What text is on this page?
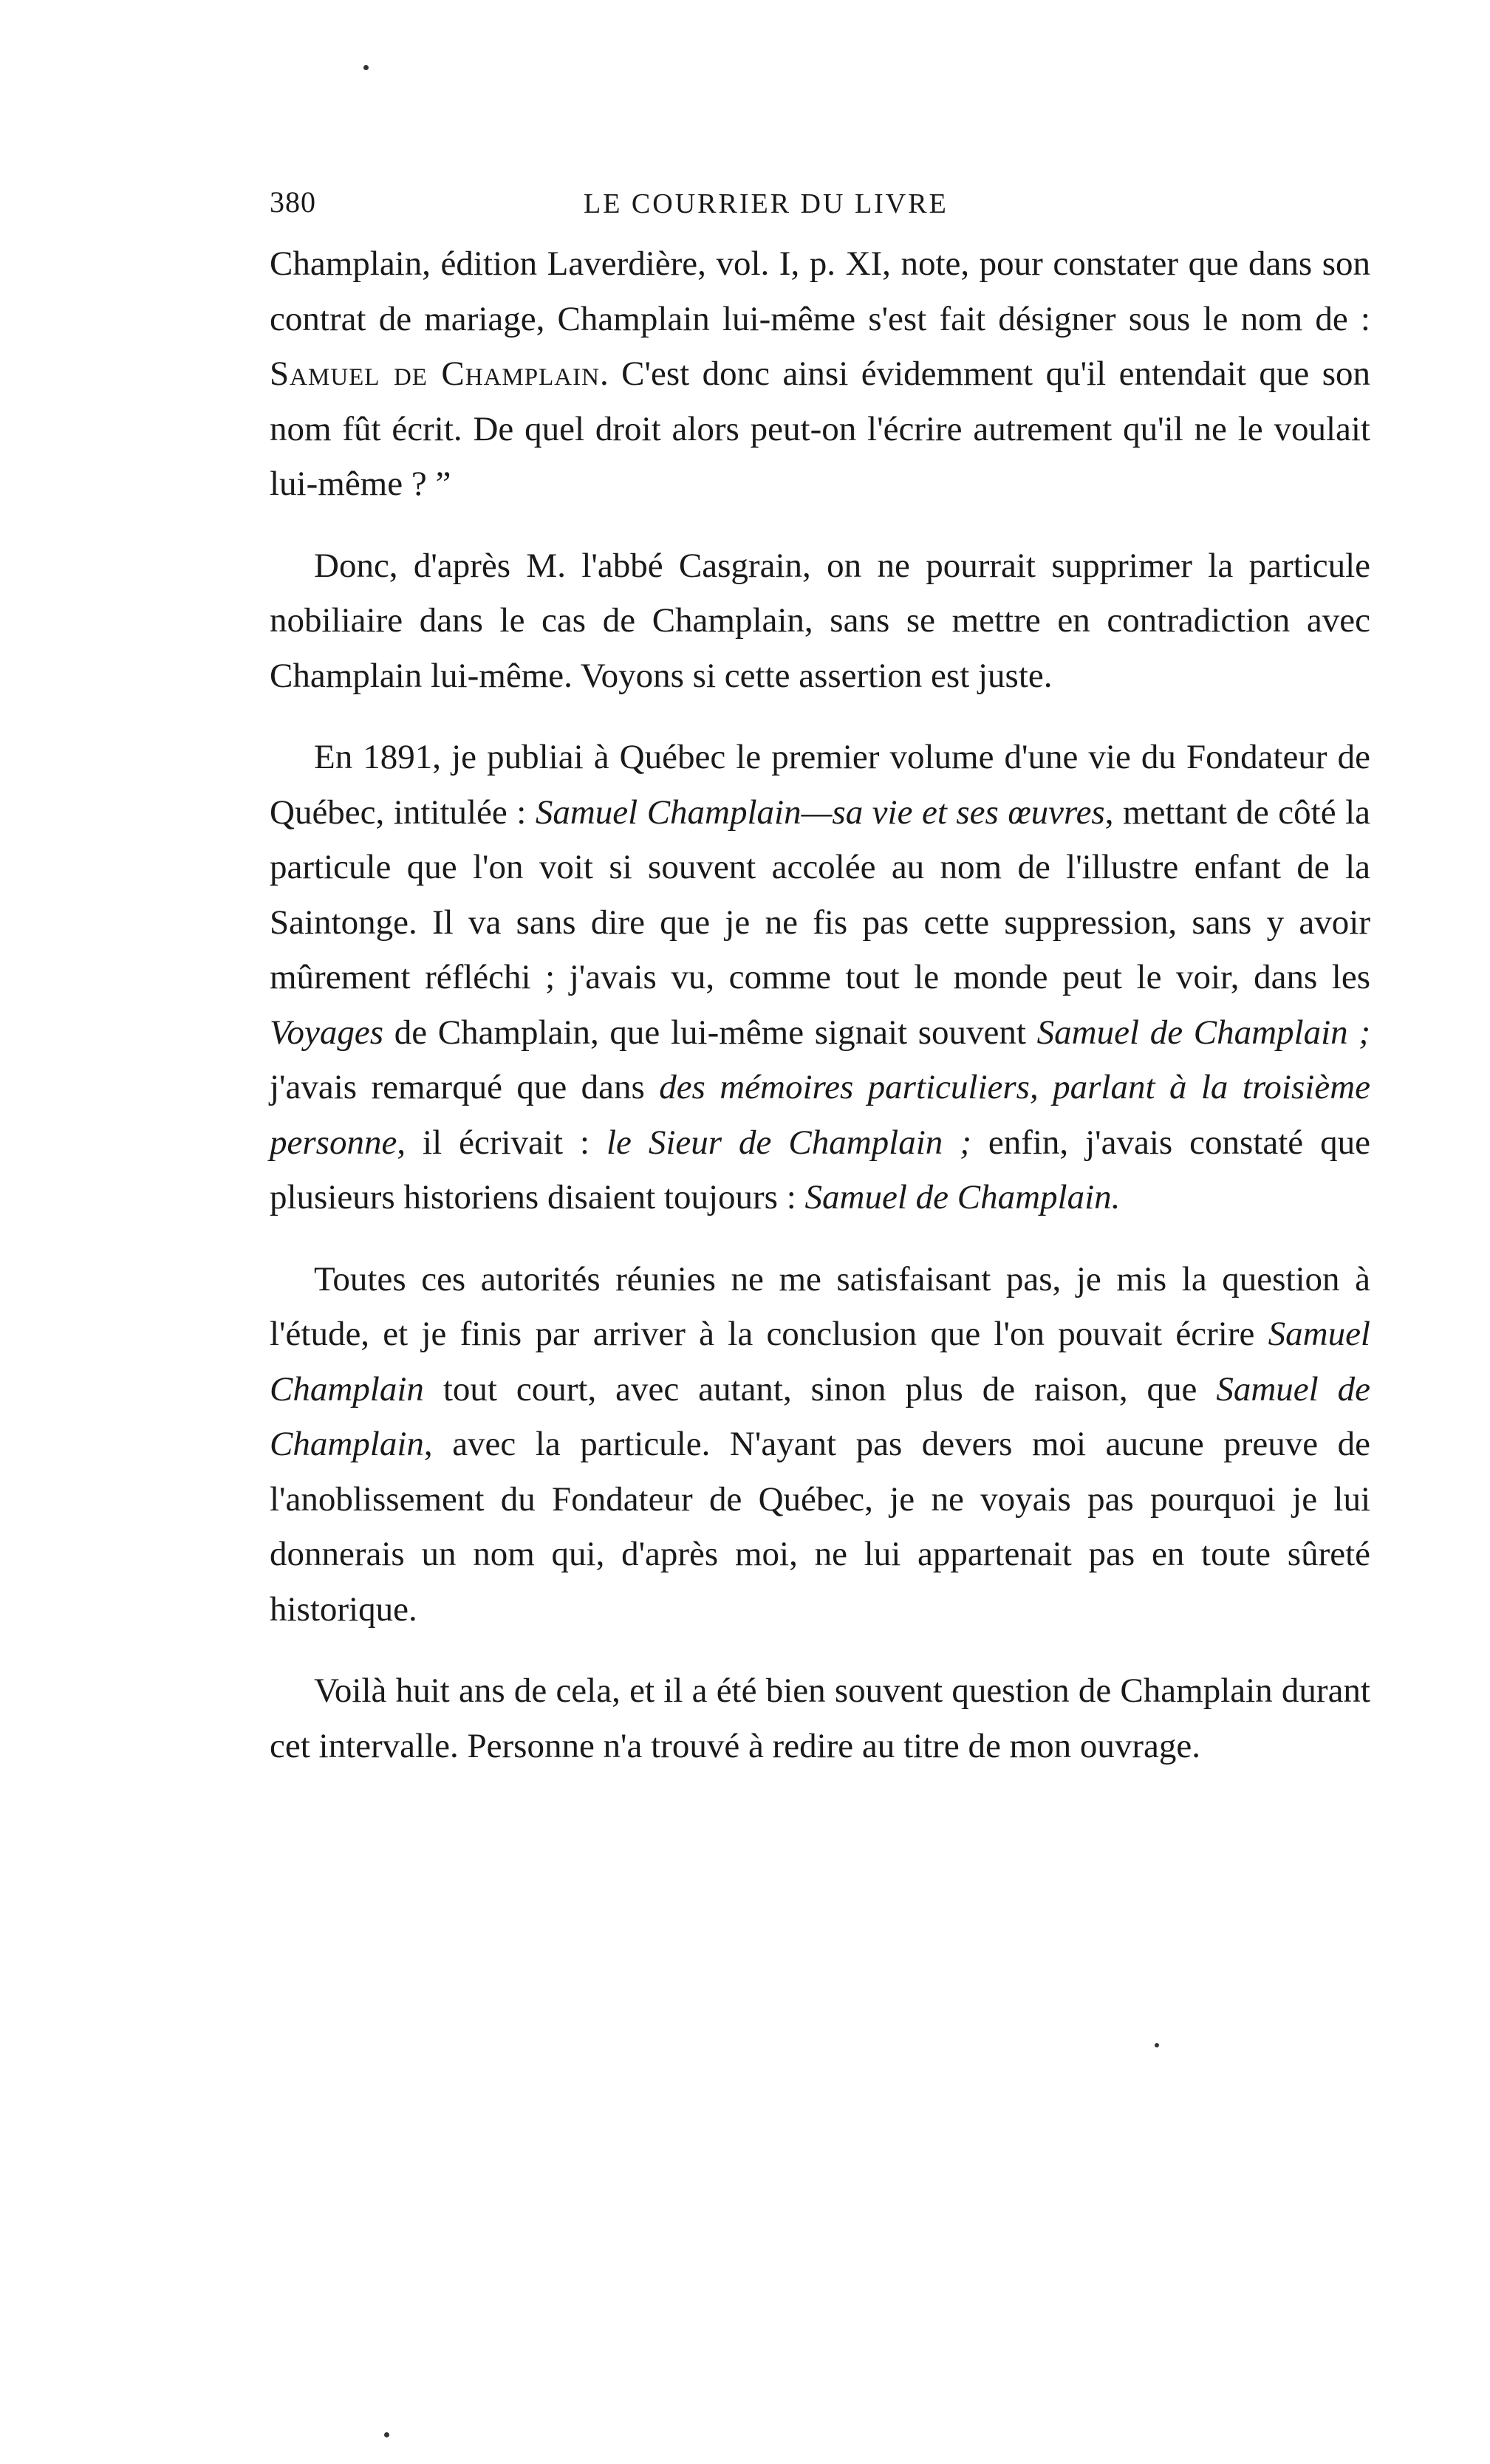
380	LE COURRIER DU LIVRE

Champlain, édition Laverdière, vol. I, p. XI, note, pour constater que dans son contrat de mariage, Champlain lui-même s'est fait désigner sous le nom de : Samuel de Champlain. C'est donc ainsi évidemment qu'il entendait que son nom fût écrit. De quel droit alors peut-on l'écrire autrement qu'il ne le voulait lui-même ? ”

Donc, d'après M. l'abbé Casgrain, on ne pourrait supprimer la particule nobiliaire dans le cas de Champlain, sans se mettre en contradiction avec Champlain lui-même. Voyons si cette assertion est juste.

En 1891, je publiai à Québec le premier volume d'une vie du Fondateur de Québec, intitulée : Samuel Champlain—sa vie et ses œuvres, mettant de côté la particule que l'on voit si souvent accolée au nom de l'illustre enfant de la Saintonge. Il va sans dire que je ne fis pas cette suppression, sans y avoir mûrement réfléchi ; j'avais vu, comme tout le monde peut le voir, dans les Voyages de Champlain, que lui-même signait souvent Samuel de Champlain ; j'avais remarqué que dans des mémoires particuliers, parlant à la troisième personne, il écrivait : le Sieur de Champlain ; enfin, j'avais constaté que plusieurs historiens disaient toujours : Samuel de Champlain.

Toutes ces autorités réunies ne me satisfaisant pas, je mis la question à l'étude, et je finis par arriver à la conclusion que l'on pouvait écrire Samuel Champlain tout court, avec autant, sinon plus de raison, que Samuel de Champlain, avec la particule. N'ayant pas devers moi aucune preuve de l'anoblissement du Fondateur de Québec, je ne voyais pas pourquoi je lui donnerais un nom qui, d'après moi, ne lui appartenait pas en toute sûreté historique.

Voilà huit ans de cela, et il a été bien souvent question de Champlain durant cet intervalle. Personne n'a trouvé à redire au titre de mon ouvrage.
